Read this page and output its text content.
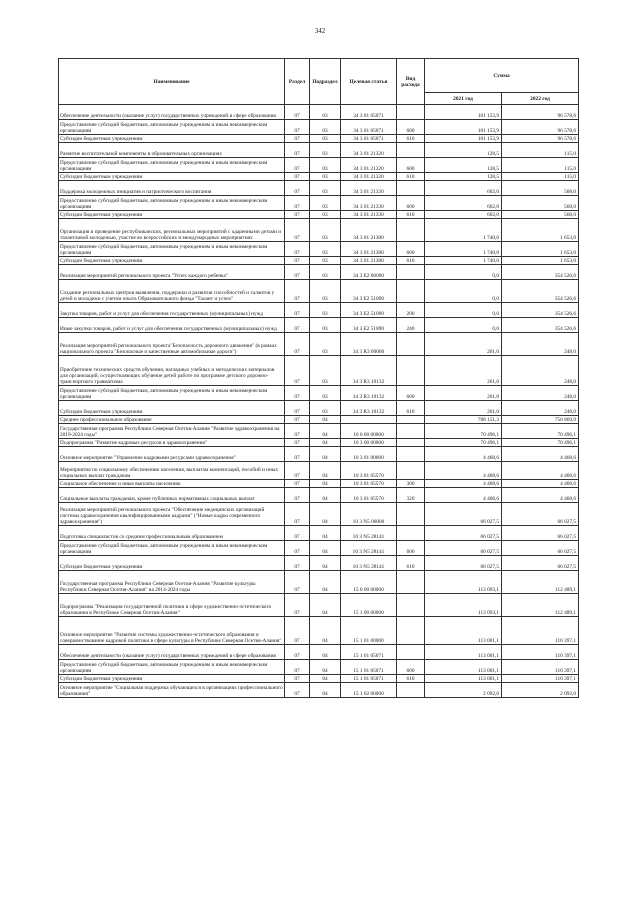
342
Наименование	Раздел	Подраздел	Целевая статья	Вид расхода	Сумма	
					2021 год	2022 год
Обеспечение деятельности (оказание услуг) государственных учреждений в сфере образования	07	03	34 3 01 05071		101 153,9	96 578,6
Предоставление субсидий бюджетным, автономным учреждениям и иным некоммерческим организациям	07	03	34 3 01 05071	600	101 153,9	96 578,6
Субсидии бюджетным учреждениям	07	03	34 3 01 05071	610	101 153,9	96 578,6
Развитие воспитательной компоненты в образовательных организациях	07	03	34 3 01 21320		128,5	115,0
Предоставление субсидий бюджетным, автономным учреждениям и иным некоммерческим организациям	07	03	34 3 01 21320	600	128,5	115,0
Субсидии бюджетным учреждениям	07	03	34 3 01 21320	610	128,5	115,0
Поддержка молодежных инициатив и патриотического воспитания	07	03	34 3 01 21330		602,0	568,0
Предоставление субсидий бюджетным, автономным учреждениям и иным некоммерческим организациям	07	03	34 3 01 21330	600	602,0	568,0
Субсидии бюджетным учреждениям	07	03	34 3 01 21330	610	602,0	568,0
Организация и проведение республиканских, региональных мероприятий с одаренными детьми и талантливой молодежью, участие во всероссийских и международных мероприятиях	07	03	34 3 01 21380		1 740,0	1 653,0
Предоставление субсидий бюджетным, автономным учреждениям и иным некоммерческим организациям	07	03	34 3 01 21380	600	1 740,0	1 653,0
Субсидии бюджетным учреждениям	07	03	34 3 01 21380	610	1 740,0	1 653,0
Реализация мероприятий регионального проекта "Успех каждого ребенка"	07	03	34 3 E2 00000		0,0	354 526,6
Создание региональных центров выявления, поддержки и развития способностей и талантов у детей и молодежи с учетом опыта Образовательного фонда "Талант и успех"	07	03	34 3 E2 51890		0,0	354 526,6
Закупка товаров, работ и услуг для обеспечения государственных (муниципальных) нужд	07	03	34 3 E2 51890	200	0,0	354 526,6
Иные закупки товаров, работ и услуг для обеспечения государственных (муниципальных) нужд	07	03	34 3 E2 51890	240	0,0	354 526,6
Реализация мероприятий регионального проекта"Безопасность дорожного движения" (в рамках национального проекта "Безопасные и качественные автомобильные дороги")	07	03	34 3 R3 00000		261,0	248,0
Приобретение технических средств обучения, наглядных учебных и методических материалов для организаций, осуществляющих обучение детей работе по программе детского дорожно-транспортного травматизма	07	03	34 3 R3 10132		261,0	248,0
Предоставление субсидий бюджетным, автономным учреждениям и иным некоммерческим организациям	07	03	34 3 R3 10132	600	261,0	248,0
Субсидии бюджетным учреждениям	07	03	34 3 R3 10132	610	261,0	248,0
Среднее профессиональное образование	07	04			788 151,3	750 869,9
Государственная программа Республики Северная Осетия-Алания "Развитие здравоохранения на 2019-2024 годы"	07	04	10 0 00 00000		70 496,1	70 496,1
Подпрограмма "Развитие кадровых ресурсов в здравоохранении"	07	04	10 3 00 00000		70 496,1	70 496,1
Основное мероприятие "Управление кадровыми ресурсами здравоохранения"	07	04	10 3 01 00000		4 468,6	4 468,6
Мероприятия по социальному обеспечению населения, выплатам компенсаций, пособий и иных социальных выплат гражданам	07	04	10 3 01 05570		4 468,6	4 468,6
Социальное обеспечение и иные выплаты населению	07	04	10 3 01 05570	300	4 468,6	4 468,6
Социальные выплаты гражданам, кроме публичных нормативных социальных выплат	07	04	10 3 01 05570	320	4 468,6	4 468,6
Реализация мероприятий регионального проекта "Обеспечение медицинских организаций системы здравоохранения квалифицированными кадрами" ("Новые кадры современного здравоохранения")	07	04	10 3 N5 00000		66 027,5	66 027,5
Подготовка специалистов со средним профессиональным образованием	07	04	10 3 N5 28141		66 027,5	66 027,5
Предоставление субсидий бюджетным, автономным учреждениям и иным некоммерческим организациям	07	04	10 3 N5 28141	600	66 027,5	66 027,5
Субсидии бюджетным учреждениям	07	04	10 3 N5 28141	610	66 027,5	66 027,5
Государственная программа Республики Северная Осетия-Алания "Развитие культуры Республики Северная Осетия-Алания" на 2014-2024 годы	07	04	15 0 00 00000		113 093,1	112 489,1
Подпрограмма "Реализация государственной политики в сфере художественно-эстетического образования в Республике Северная Осетия-Алания"	07	04	15 1 00 00000		113 093,1	112 489,1
Основное мероприятие "Развитие системы художественно-эстетического образования и совершенствование кадровой политики в сфере культуры в Республике Северная Осетия-Алания"	07	04	15 1 01 00000		113 001,1	110 397,1
Обеспечение деятельности (оказание услуг) государственных учреждений в сфере образования	07	04	15 1 01 05071		113 001,1	110 397,1
Предоставление субсидий бюджетным, автономным учреждениям и иным некоммерческим организациям	07	04	15 1 01 05071	600	113 001,1	110 397,1
Субсидии бюджетным учреждениям	07	04	15 1 01 05071	610	113 001,1	110 397,1
Основное мероприятие "Социальная поддержка обучающихся в организациях профессионального образования"	07	04	15 1 02 00000		2 092,0	2 092,0
